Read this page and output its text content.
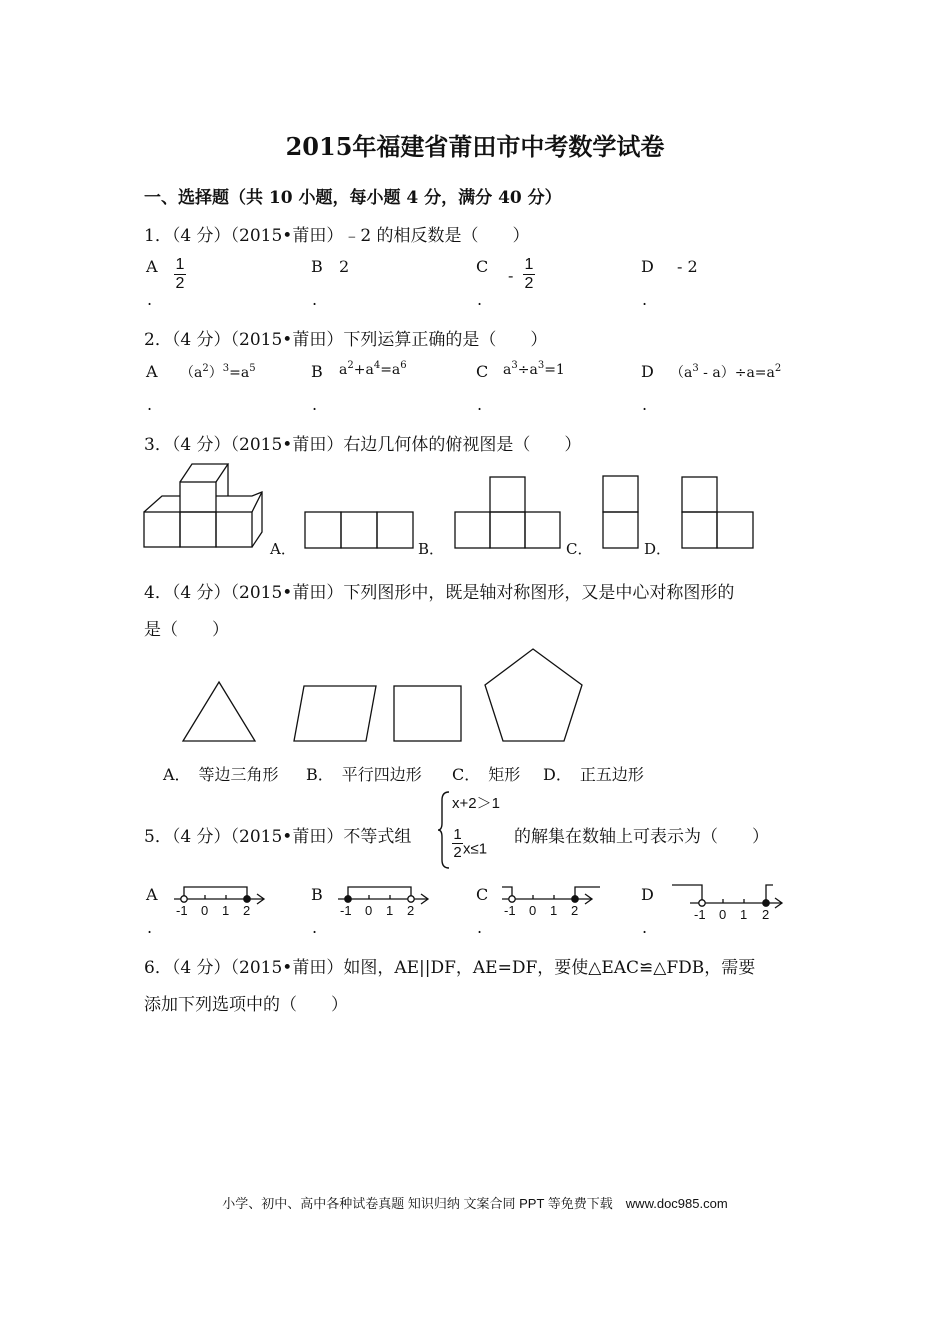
2015年福建省莆田市中考数学试卷
一、选择题（共 10 小题，每小题 4 分，满分 40 分）
1．（4 分）（2015•莆田）﹣2 的相反数是（　　）
A $\frac{1}{2}$	B 2	C - $\frac{1}{2}$	D - 2
.	.	.	.
2．（4 分）（2015•莆田）下列运算正确的是（　　）
A $(a^2)^3=a^5$	B $a^2+a^4=a^6$	C $a^3\div a^3=1$	D $(a^3 - a)\div a=a^2$
.	.	.	.
3．（4 分）（2015•莆田）右边几何体的俯视图是（　　）
A．	B．	C．	D．
4．（4 分）（2015•莆田）下列图形中，既是轴对称图形，又是中心对称图形的
是（　　）
A．　等边三角形 B．　平行四边形 C．　矩形 D．　正五边形
5．（4 分）（2015•莆田）不等式组
x+2＞1
$\frac{1}{2} x\le 1$
的解集在数轴上可表示为（　　）
A	B	C	D
-1 0 1 2	-1 0 1 2	-1 0 1 2	-1 0 1 2
.	.	.	.
6．（4 分）（2015•莆田）如图，AE||DF，AE=DF，要使△EAC≌△FDB，需要
添加下列选项中的（　　）
小学、初中、高中各种试卷真题 知识归纳 文案合同 PPT 等免费下载　www.doc985.com
